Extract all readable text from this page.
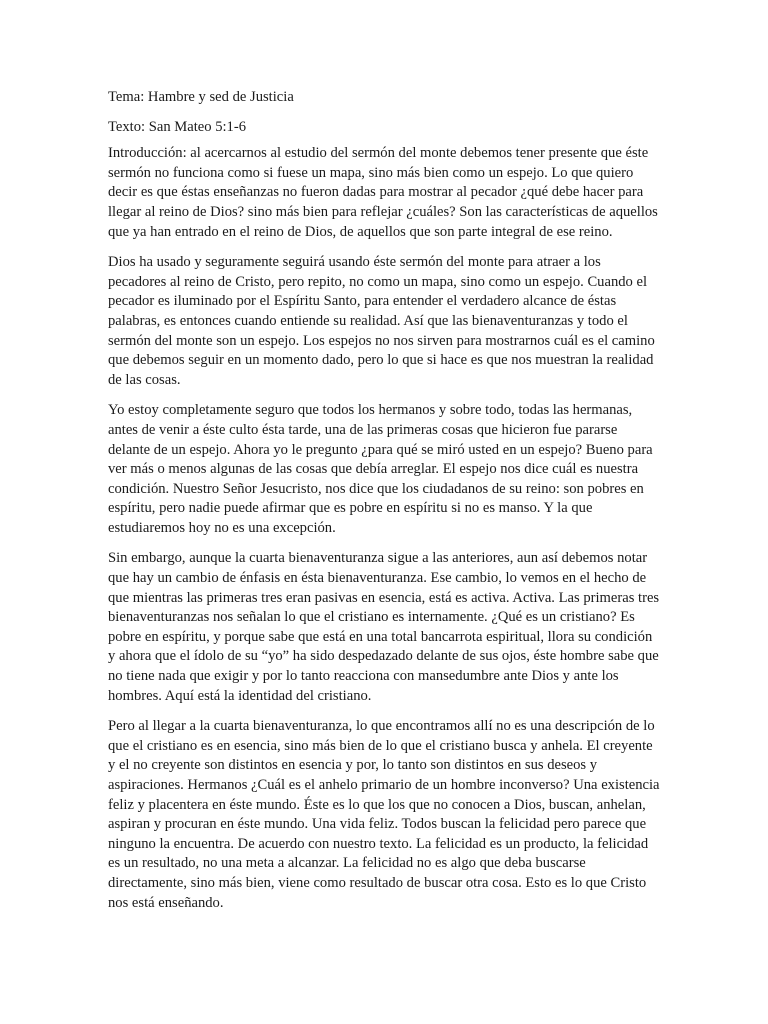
Tema: Hambre y sed de Justicia

Texto: San Mateo 5:1-6

Introducción: al acercarnos al estudio del sermón del monte debemos tener presente que éste sermón no funciona como si fuese un mapa, sino más bien como un espejo. Lo que quiero decir es que éstas enseñanzas no fueron dadas para mostrar al pecador ¿qué debe hacer para llegar al reino de Dios? sino más bien para reflejar ¿cuáles? Son las características de aquellos que ya han entrado en el reino de Dios, de aquellos que son parte integral de ese reino.

Dios ha usado y seguramente seguirá usando éste sermón del monte para atraer a los pecadores al reino de Cristo, pero repito, no como un mapa, sino como un espejo. Cuando el pecador es iluminado por el Espíritu Santo, para entender el verdadero alcance de éstas palabras, es entonces cuando entiende su realidad. Así que las bienaventuranzas y todo el sermón del monte son un espejo. Los espejos no nos sirven para mostrarnos cuál es el camino que debemos seguir en un momento dado, pero lo que si hace es que nos muestran la realidad de las cosas.

Yo estoy completamente seguro que todos los hermanos y sobre todo, todas las hermanas, antes de venir a éste culto ésta tarde, una de las primeras cosas que hicieron fue pararse delante de un espejo. Ahora yo le pregunto ¿para qué se miró usted en un espejo? Bueno para ver más o menos algunas de las cosas que debía arreglar. El espejo nos dice cuál es nuestra condición. Nuestro Señor Jesucristo, nos dice que los ciudadanos de su reino: son pobres en espíritu, pero nadie puede afirmar que es pobre en espíritu si no es manso. Y la que estudiaremos hoy no es una excepción.

Sin embargo, aunque la cuarta bienaventuranza sigue a las anteriores, aun así debemos notar que hay un cambio de énfasis en ésta bienaventuranza. Ese cambio, lo vemos en el hecho de que mientras las primeras tres eran pasivas en esencia, está es activa. Activa. Las primeras tres bienaventuranzas nos señalan lo que el cristiano es internamente. ¿Qué es un cristiano? Es pobre en espíritu, y porque sabe que está en una total bancarrota espiritual, llora su condición y ahora que el ídolo de su “yo” ha sido despedazado delante de sus ojos, éste hombre sabe que no tiene nada que exigir y por lo tanto reacciona con mansedumbre ante Dios y ante los hombres. Aquí está la identidad del cristiano.

Pero al llegar a la cuarta bienaventuranza, lo que encontramos allí no es una descripción de lo que el cristiano es en esencia, sino más bien de lo que el cristiano busca y anhela. El creyente y el no creyente son distintos en esencia y por, lo tanto son distintos en sus deseos y aspiraciones. Hermanos ¿Cuál es el anhelo primario de un hombre inconverso? Una existencia feliz y placentera en éste mundo. Éste es lo que los que no conocen a Dios, buscan, anhelan, aspiran y procuran en éste mundo. Una vida feliz. Todos buscan la felicidad pero parece que ninguno la encuentra. De acuerdo con nuestro texto. La felicidad es un producto, la felicidad es un resultado, no una meta a alcanzar. La felicidad no es algo que deba buscarse directamente, sino más bien, viene como resultado de buscar otra cosa. Esto es lo que Cristo nos está enseñando.
